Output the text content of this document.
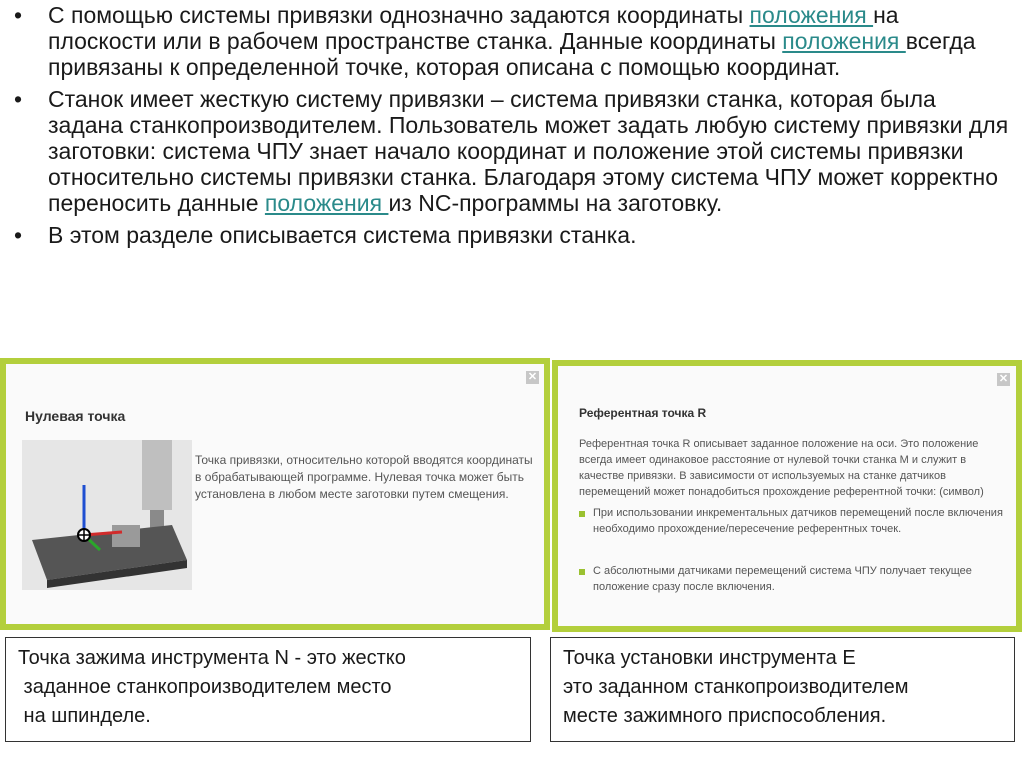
• С помощью системы привязки однозначно задаются координаты положения на плоскости или в рабочем пространстве станка. Данные координаты положения всегда привязаны к определенной точке, которая описана с помощью координат.
• Станок имеет жесткую систему привязки – система привязки станка, которая была задана станкопроизводителем. Пользователь может задать любую систему привязки для заготовки: система ЧПУ знает начало координат и положение этой системы привязки относительно системы привязки станка. Благодаря этому система ЧПУ может корректно переносить данные положения из NC-программы на заготовку.
• В этом разделе описывается система привязки станка.
✕
Нулевая точка
Точка привязки, относительно которой вводятся координаты в обрабатывающей программе. Нулевая точка может быть установлена в любом месте заготовки путем смещения.
✕
Референтная точка R
Референтная точка R описывает заданное положение на оси. Это положение всегда имеет одинаковое расстояние от нулевой точки станка M и служит в качестве привязки. В зависимости от используемых на станке датчиков перемещений может понадобиться прохождение референтной точки: (символ)
При использовании инкрементальных датчиков перемещений после включения необходимо прохождение/пересечение референтных точек.
С абсолютными датчиками перемещений система ЧПУ получает текущее положение сразу после включения.
Точка зажима инструмента N - это жестко
заданное станкопроизводителем место
на шпинделе.
Точка установки инструмента E
это заданном станкопроизводителем
месте зажимного приспособления.
